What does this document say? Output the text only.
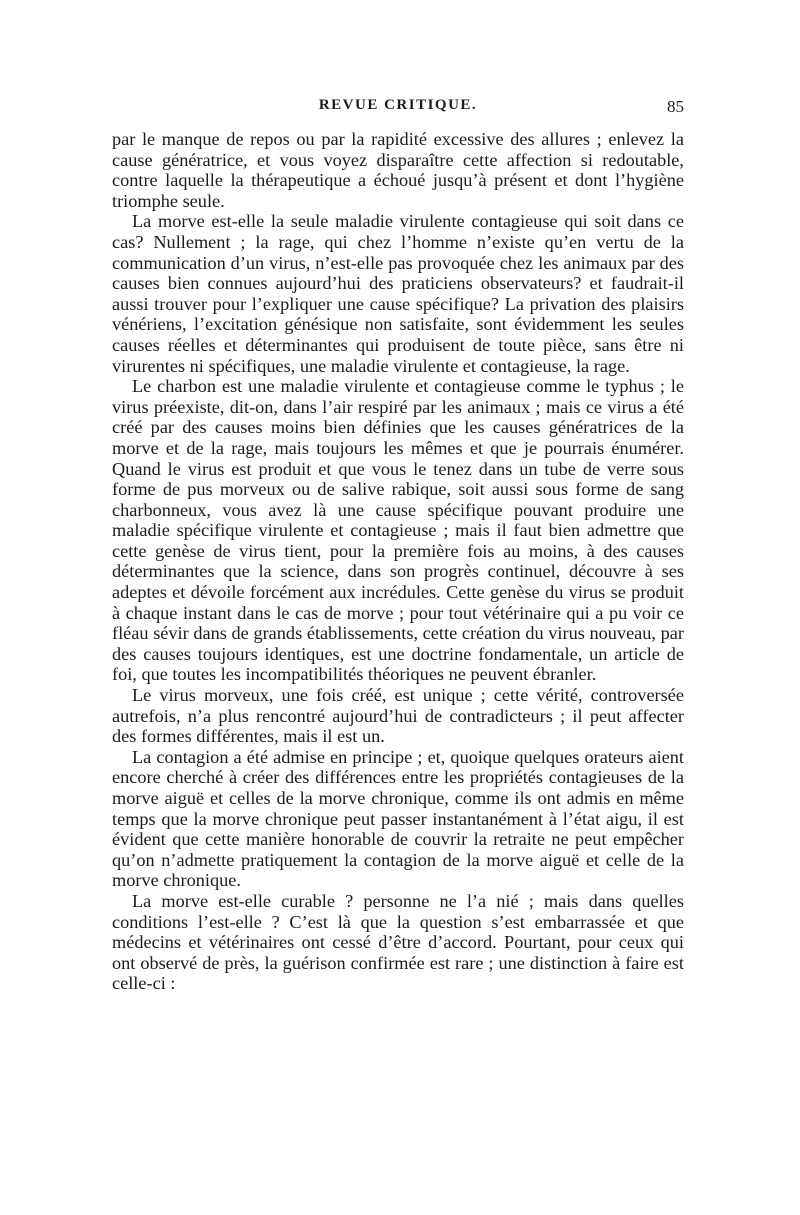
REVUE CRITIQUE.	85

par le manque de repos ou par la rapidité excessive des allures ; enlevez la cause génératrice, et vous voyez disparaître cette affection si redoutable, contre laquelle la thérapeutique a échoué jusqu’à présent et dont l’hygiène triomphe seule.

La morve est-elle la seule maladie virulente contagieuse qui soit dans ce cas? Nullement ; la rage, qui chez l’homme n’existe qu’en vertu de la communication d’un virus, n’est-elle pas provoquée chez les animaux par des causes bien connues aujourd’hui des praticiens observateurs? et faudrait-il aussi trouver pour l’expliquer une cause spécifique? La privation des plaisirs vénériens, l’excitation génésique non satisfaite, sont évidemment les seules causes réelles et déterminantes qui produisent de toute pièce, sans être ni virurentes ni spécifiques, une maladie virulente et contagieuse, la rage.

Le charbon est une maladie virulente et contagieuse comme le typhus ; le virus préexiste, dit-on, dans l’air respiré par les animaux ; mais ce virus a été créé par des causes moins bien définies que les causes génératrices de la morve et de la rage, mais toujours les mêmes et que je pourrais énumérer. Quand le virus est produit et que vous le tenez dans un tube de verre sous forme de pus morveux ou de salive rabique, soit aussi sous forme de sang charbonneux, vous avez là une cause spécifique pouvant produire une maladie spécifique virulente et contagieuse ; mais il faut bien admettre que cette genèse de virus tient, pour la première fois au moins, à des causes déterminantes que la science, dans son progrès continuel, découvre à ses adeptes et dévoile forcément aux incrédules. Cette genèse du virus se produit à chaque instant dans le cas de morve ; pour tout vétérinaire qui a pu voir ce fléau sévir dans de grands établissements, cette création du virus nouveau, par des causes toujours identiques, est une doctrine fondamentale, un article de foi, que toutes les incompatibilités théoriques ne peuvent ébranler.

Le virus morveux, une fois créé, est unique ; cette vérité, controversée autrefois, n’a plus rencontré aujourd’hui de contradicteurs ; il peut affecter des formes différentes, mais il est un.

La contagion a été admise en principe ; et, quoique quelques orateurs aient encore cherché à créer des différences entre les propriétés contagieuses de la morve aiguë et celles de la morve chronique, comme ils ont admis en même temps que la morve chronique peut passer instantanément à l’état aigu, il est évident que cette manière honorable de couvrir la retraite ne peut empêcher qu’on n’admette pratiquement la contagion de la morve aiguë et celle de la morve chronique.

La morve est-elle curable ? personne ne l’a nié ; mais dans quelles conditions l’est-elle ? C’est là que la question s’est embarrassée et que médecins et vétérinaires ont cessé d’être d’accord. Pourtant, pour ceux qui ont observé de près, la guérison confirmée est rare ; une distinction à faire est celle-ci :
